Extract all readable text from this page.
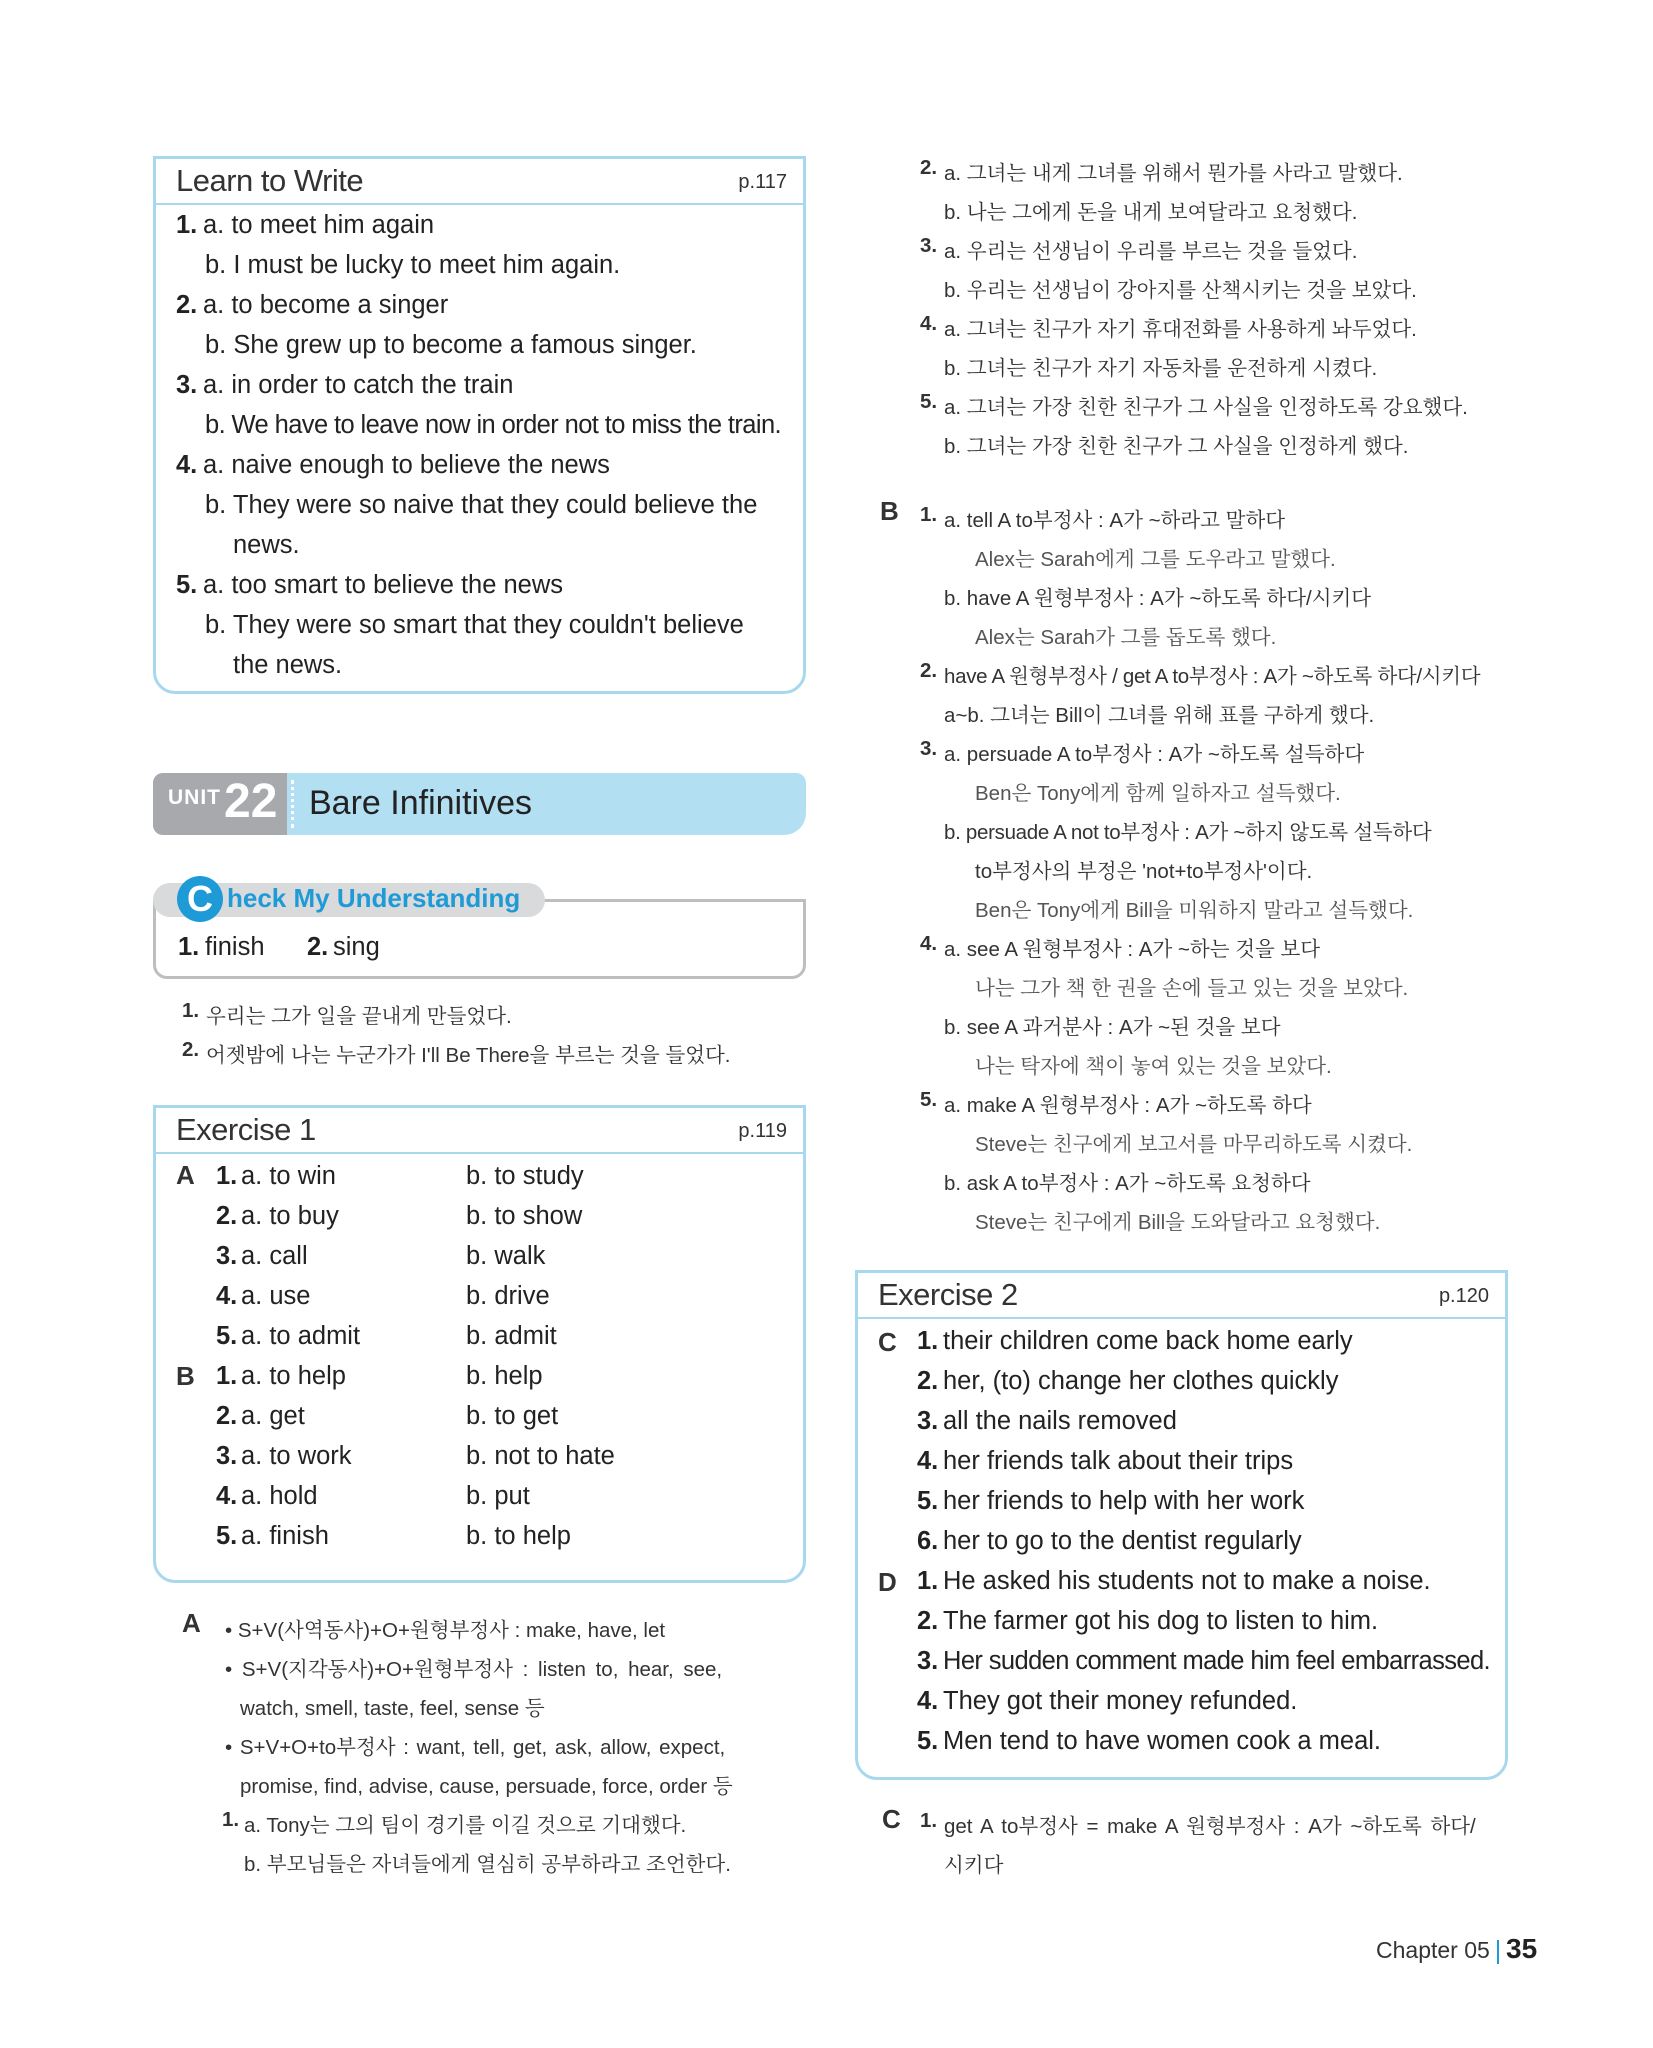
Learn to Write	p.117
1. a. to meet him again
b. I must be lucky to meet him again.
2. a. to become a singer
b. She grew up to become a famous singer.
3. a. in order to catch the train
b. We have to leave now in order not to miss the train.
4. a. naive enough to believe the news
b. They were so naive that they could believe the
news.
5. a. too smart to believe the news
b. They were so smart that they couldn't believe
the news.
UNIT 22 Bare Infinitives
C heck My Understanding
1. finish 2. sing
1. 우리는 그가 일을 끝내게 만들었다.
2. 어젯밤에 나는 누군가가 I'll Be There을 부르는 것을 들었다.
Exercise 1	p.119
A 1. a. to win	b. to study
2. a. to buy	b. to show
3. a. call	b. walk
4. a. use	b. drive
5. a. to admit	b. admit
B 1. a. to help	b. help
2. a. get	b. to get
3. a. to work	b. not to hate
4. a. hold	b. put
5. a. finish	b. to help
A • S+V(사역동사)+O+원형부정사 : make, have, let
• S+V(지각동사)+O+원형부정사 : listen to, hear, see,
watch, smell, taste, feel, sense 등
• S+V+O+to부정사 : want, tell, get, ask, allow, expect,
promise, find, advise, cause, persuade, force, order 등
1. a. Tony는 그의 팀이 경기를 이길 것으로 기대했다.
b. 부모님들은 자녀들에게 열심히 공부하라고 조언한다.
2. a. 그녀는 내게 그녀를 위해서 뭔가를 사라고 말했다.
b. 나는 그에게 돈을 내게 보여달라고 요청했다.
3. a. 우리는 선생님이 우리를 부르는 것을 들었다.
b. 우리는 선생님이 강아지를 산책시키는 것을 보았다.
4. a. 그녀는 친구가 자기 휴대전화를 사용하게 놔두었다.
b. 그녀는 친구가 자기 자동차를 운전하게 시켰다.
5. a. 그녀는 가장 친한 친구가 그 사실을 인정하도록 강요했다.
b. 그녀는 가장 친한 친구가 그 사실을 인정하게 했다.
B 1. a. tell A to부정사 : A가 ~하라고 말하다
Alex는 Sarah에게 그를 도우라고 말했다.
b. have A 원형부정사 : A가 ~하도록 하다/시키다
Alex는 Sarah가 그를 돕도록 했다.
2. have A 원형부정사 / get A to부정사 : A가 ~하도록 하다/시키다
a~b. 그녀는 Bill이 그녀를 위해 표를 구하게 했다.
3. a. persuade A to부정사 : A가 ~하도록 설득하다
Ben은 Tony에게 함께 일하자고 설득했다.
b. persuade A not to부정사 : A가 ~하지 않도록 설득하다
to부정사의 부정은 'not+to부정사'이다.
Ben은 Tony에게 Bill을 미워하지 말라고 설득했다.
4. a. see A 원형부정사 : A가 ~하는 것을 보다
나는 그가 책 한 권을 손에 들고 있는 것을 보았다.
b. see A 과거분사 : A가 ~된 것을 보다
나는 탁자에 책이 놓여 있는 것을 보았다.
5. a. make A 원형부정사 : A가 ~하도록 하다
Steve는 친구에게 보고서를 마무리하도록 시켰다.
b. ask A to부정사 : A가 ~하도록 요청하다
Steve는 친구에게 Bill을 도와달라고 요청했다.
Exercise 2	p.120
C 1. their children come back home early
2. her, (to) change her clothes quickly
3. all the nails removed
4. her friends talk about their trips
5. her friends to help with her work
6. her to go to the dentist regularly
D 1. He asked his students not to make a noise.
2. The farmer got his dog to listen to him.
3. Her sudden comment made him feel embarrassed.
4. They got their money refunded.
5. Men tend to have women cook a meal.
C 1. get A to부정사 = make A 원형부정사 : A가 ~하도록 하다/
시키다
Chapter 05 35
